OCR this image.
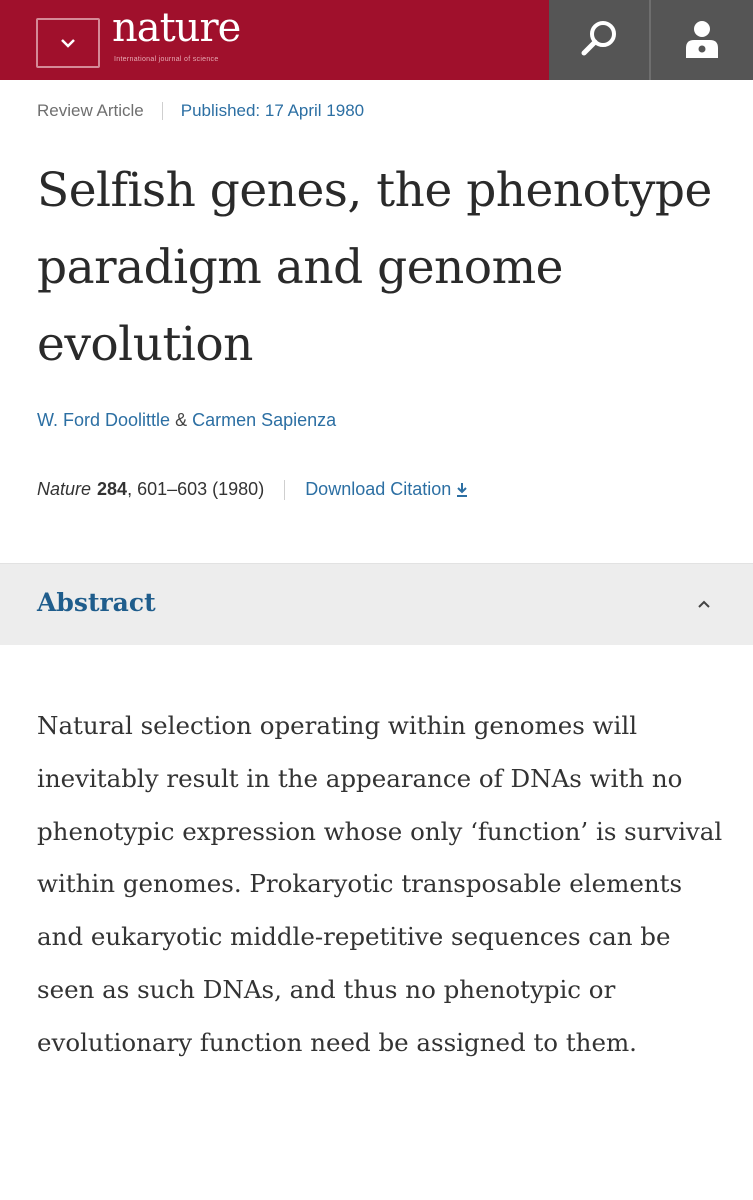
nature
International journal of science
Review Article Published: 17 April 1980
Selfish genes, the phenotype paradigm and genome evolution
W. Ford Doolittle & Carmen Sapienza
Nature 284 , 601–603 (1980) Download Citation
Abstract

Natural selection operating within genomes will inevitably result in the appearance of DNAs with no phenotypic expression whose only ‘function’ is survival within genomes. Prokaryotic transposable elements and eukaryotic middle-repetitive sequences can be seen as such DNAs, and thus no phenotypic or evolutionary function need be assigned to them.
